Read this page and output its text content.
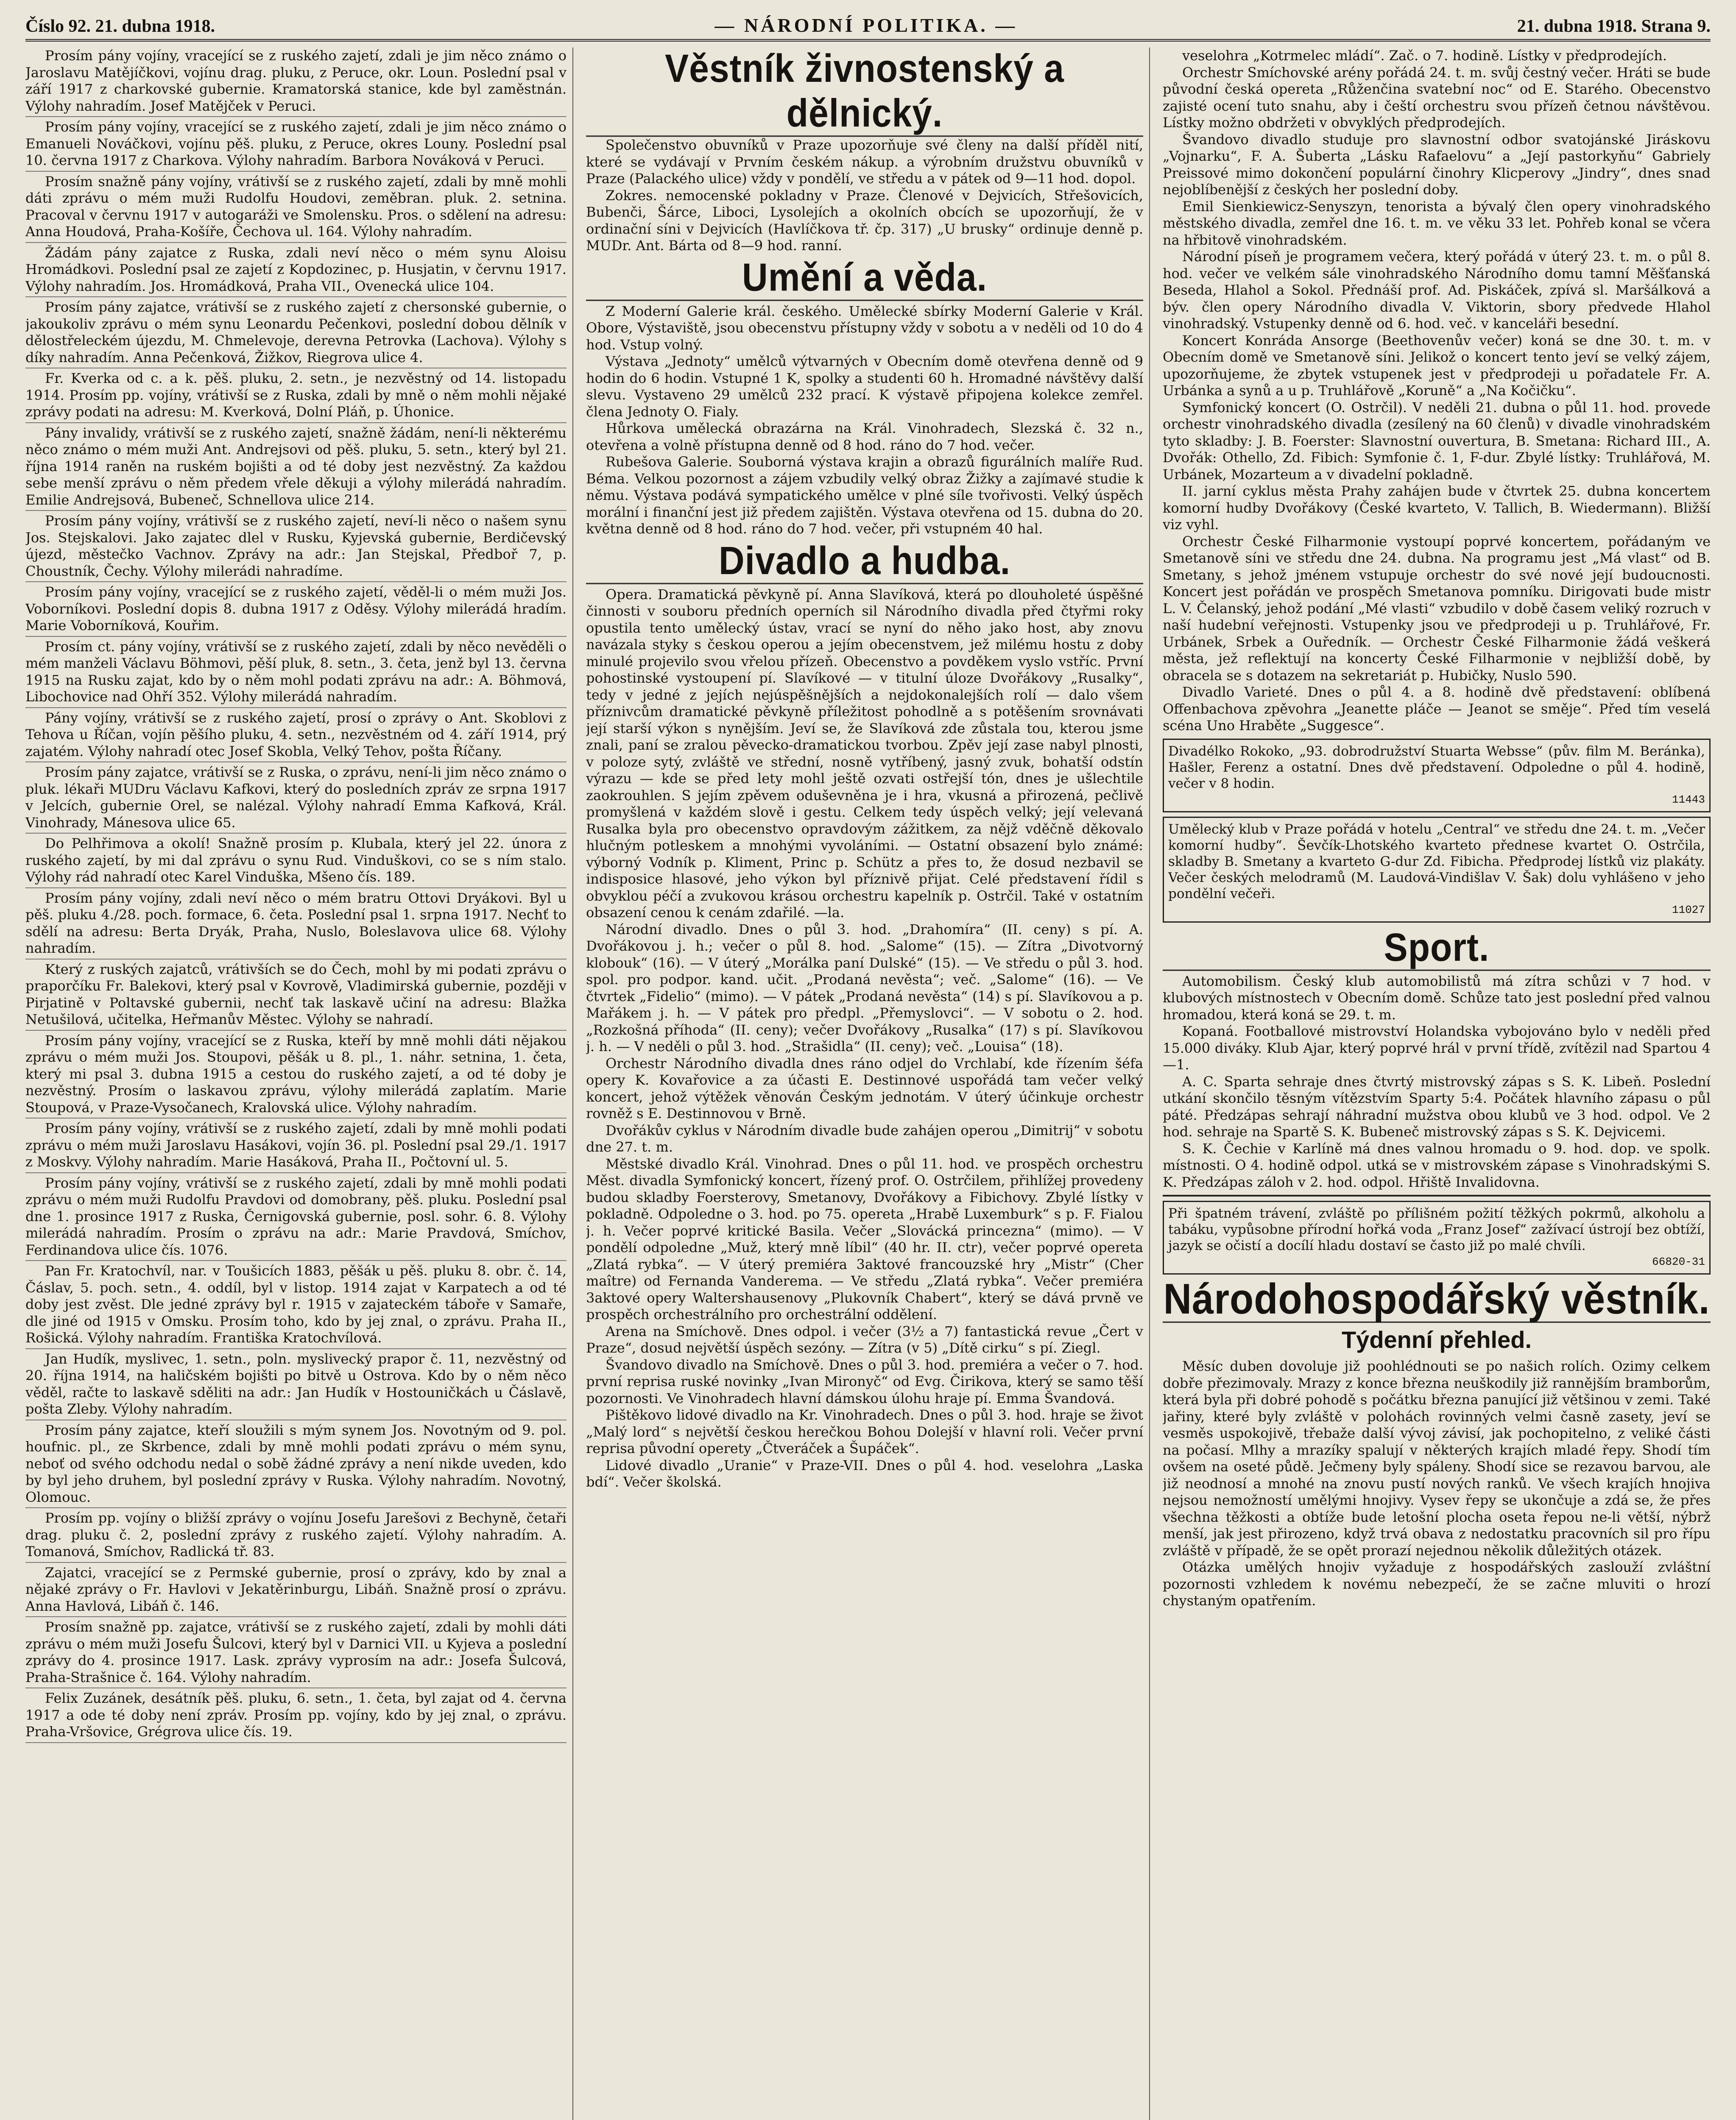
Číslo 92. 21. dubna 1918.	— NÁRODNÍ POLITIKA. —	21. dubna 1918. Strana 9.

Prosím pány vojíny, vracející se z ruského zajetí, zdali je jim něco známo o Jaroslavu Matějíčkovi, vojínu drag. pluku, z Peruce, okr. Loun. Poslední psal v září 1917 z charkovské gubernie. Kramatorská stanice, kde byl zaměstnán. Výlohy nahradím. Josef Matějček v Peruci.

Prosím pány vojíny, vracející se z ruského zajetí, zdali je jim něco známo o Emanueli Nováčkovi, vojínu pěš. pluku, z Peruce, okres Louny. Poslední psal 10. června 1917 z Charkova. Výlohy nahradím. Barbora Nováková v Peruci.

Prosím snažně pány vojíny, vrátivší se z ruského zajetí, zdali by mně mohli dáti zprávu o mém muži Rudolfu Houdovi, zeměbran. pluk. 2. setnina. Pracoval v červnu 1917 v autogaráži ve Smolensku. Pros. o sdělení na adresu: Anna Houdová, Praha-Košíře, Čechova ul. 164. Výlohy nahradím.

Žádám pány zajatce z Ruska, zdali neví něco o mém synu Aloisu Hromádkovi. Poslední psal ze zajetí z Kopdozinec, p. Husjatin, v červnu 1917. Výlohy nahradím. Jos. Hromádková, Praha VII., Ovenecká ulice 104.

Prosím pány zajatce, vrátivší se z ruského zajetí z chersonské gubernie, o jakoukoliv zprávu o mém synu Leonardu Pečenkovi, poslední dobou dělník v dělostřeleckém újezdu, M. Chmelevoje, derevna Petrovka (Lachova). Výlohy s díky nahradím. Anna Pečenková, Žižkov, Riegrova ulice 4.

Fr. Kverka od c. a k. pěš. pluku, 2. setn., je nezvěstný od 14. listopadu 1914. Prosím pp. vojíny, vrátivší se z Ruska, zdali by mně o něm mohli nějaké zprávy podati na adresu: M. Kverková, Dolní Pláň, p. Úhonice.

Pány invalidy, vrátivší se z ruského zajetí, snažně žádám, není-li některému něco známo o mém muži Ant. Andrejsovi od pěš. pluku, 5. setn., který byl 21. října 1914 raněn na ruském bojišti a od té doby jest nezvěstný. Za každou sebe menší zprávu o něm předem vřele děkuji a výlohy milerádá nahradím. Emilie Andrejsová, Bubeneč, Schnellova ulice 214.

Prosím pány vojíny, vrátivší se z ruského zajetí, neví-li něco o našem synu Jos. Stejskalovi. Jako zajatec dlel v Rusku, Kyjevská gubernie, Berdičevský újezd, městečko Vachnov. Zprávy na adr.: Jan Stejskal, Předboř 7, p. Choustník, Čechy. Výlohy milerádi nahradíme.

Prosím pány vojíny, vracející se z ruského zajetí, věděl-li o mém muži Jos. Voborníkovi. Poslední dopis 8. dubna 1917 z Oděsy. Výlohy milerádá hradím. Marie Voborníková, Kouřim.

Prosím ct. pány vojíny, vrátivší se z ruského zajetí, zdali by něco nevěděli o mém manželi Václavu Böhmovi, pěší pluk, 8. setn., 3. četa, jenž byl 13. června 1915 na Rusku zajat, kdo by o něm mohl podati zprávu na adr.: A. Böhmová, Libochovice nad Ohří 352. Výlohy milerádá nahradím.

Pány vojíny, vrátivší se z ruského zajetí, prosí o zprávy o Ant. Skoblovi z Tehova u Říčan, vojín pěšího pluku, 4. setn., nezvěstném od 4. září 1914, prý zajatém. Výlohy nahradí otec Josef Skobla, Velký Tehov, pošta Říčany.

Prosím pány zajatce, vrátivší se z Ruska, o zprávu, není-li jim něco známo o pluk. lékaři MUDru Václavu Kafkovi, který do posledních zpráv ze srpna 1917 v Jelcích, gubernie Orel, se nalézal. Výlohy nahradí Emma Kafková, Král. Vinohrady, Mánesova ulice 65.

Do Pelhřimova a okolí! Snažně prosím p. Klubala, který jel 22. února z ruského zajetí, by mi dal zprávu o synu Rud. Vinduškovi, co se s ním stalo. Výlohy rád nahradí otec Karel Vinduška, Mšeno čís. 189.

Prosím pány vojíny, zdali neví něco o mém bratru Ottovi Dryákovi. Byl u pěš. pluku 4./28. poch. formace, 6. četa. Poslední psal 1. srpna 1917. Nechť to sdělí na adresu: Berta Dryák, Praha, Nuslo, Boleslavova ulice 68. Výlohy nahradím.

Který z ruských zajatců, vrátivších se do Čech, mohl by mi podati zprávu o praporčíku Fr. Balekovi, který psal v Kovrově, Vladimirská gubernie, později v Pirjatině v Poltavské gubernii, nechť tak laskavě učiní na adresu: Blažka Netušilová, učitelka, Heřmanův Městec. Výlohy se nahradí.

Prosím pány vojíny, vracející se z Ruska, kteří by mně mohli dáti nějakou zprávu o mém muži Jos. Stoupovi, pěšák u 8. pl., 1. náhr. setnina, 1. četa, který mi psal 3. dubna 1915 a cestou do ruského zajetí, a od té doby je nezvěstný. Prosím o laskavou zprávu, výlohy milerádá zaplatím. Marie Stoupová, v Praze-Vysočanech, Kralovská ulice. Výlohy nahradím.

Prosím pány vojíny, vrátivší se z ruského zajetí, zdali by mně mohli podati zprávu o mém muži Jaroslavu Hasákovi, vojín 36. pl. Poslední psal 29./1. 1917 z Moskvy. Výlohy nahradím. Marie Hasáková, Praha II., Počtovní ul. 5.

Prosím pány vojíny, vrátivší se z ruského zajetí, zdali by mně mohli podati zprávu o mém muži Rudolfu Pravdovi od domobrany, pěš. pluku. Poslední psal dne 1. prosince 1917 z Ruska, Černigovská gubernie, posl. sohr. 6. 8. Výlohy milerádá nahradím. Prosím o zprávu na adr.: Marie Pravdová, Smíchov, Ferdinandova ulice čís. 1076.

Pan Fr. Kratochvíl, nar. v Toušicích 1883, pěšák u pěš. pluku 8. obr. č. 14, Čáslav, 5. poch. setn., 4. oddíl, byl v listop. 1914 zajat v Karpatech a od té doby jest zvěst. Dle jedné zprávy byl r. 1915 v zajateckém táboře v Samaře, dle jiné od 1915 v Omsku. Prosím toho, kdo by jej znal, o zprávu. Praha II., Rošická. Výlohy nahradím. Františka Kratochvílová.

Jan Hudík, myslivec, 1. setn., poln. myslivecký prapor č. 11, nezvěstný od 20. října 1914, na haličském bojišti po bitvě u Ostrova. Kdo by o něm něco věděl, račte to laskavě sděliti na adr.: Jan Hudík v Hostouničkách u Čáslavě, pošta Zleby. Výlohy nahradím.

Prosím pány zajatce, kteří sloužili s mým synem Jos. Novotným od 9. pol. houfnic. pl., ze Skrbence, zdali by mně mohli podati zprávu o mém synu, neboť od svého odchodu nedal o sobě žádné zprávy a není nikde uveden, kdo by byl jeho druhem, byl poslední zprávy v Ruska. Výlohy nahradím. Novotný, Olomouc.

Prosím pp. vojíny o bližší zprávy o vojínu Josefu Jarešovi z Bechyně, četaři drag. pluku č. 2, poslední zprávy z ruského zajetí. Výlohy nahradím. A. Tomanová, Smíchov, Radlická tř. 83.

Zajatci, vracející se z Permské gubernie, prosí o zprávy, kdo by znal a nějaké zprávy o Fr. Havlovi v Jekatěrinburgu, Libáň. Snažně prosí o zprávu. Anna Havlová, Libáň č. 146.

Prosím snažně pp. zajatce, vrátivší se z ruského zajetí, zdali by mohli dáti zprávu o mém muži Josefu Šulcovi, který byl v Darnici VII. u Kyjeva a poslední zprávy do 4. prosince 1917. Lask. zprávy vyprosím na adr.: Josefa Šulcová, Praha-Strašnice č. 164. Výlohy nahradím.

Felix Zuzánek, desátník pěš. pluku, 6. setn., 1. četa, byl zajat od 4. června 1917 a ode té doby není zpráv. Prosím pp. vojíny, kdo by jej znal, o zprávu. Praha-Vršovice, Grégrova ulice čís. 19.

Věstník živnostenský a dělnický.

Společenstvo obuvníků v Praze upozorňuje své členy na další příděl nití, které se vydávají v Prvním českém nákup. a výrobním družstvu obuvníků v Praze (Palackého ulice) vždy v pondělí, ve středu a v pátek od 9—11 hod. dopol.

Zokres. nemocenské pokladny v Praze. Členové v Dejvicích, Střešovicích, Bubenči, Šárce, Liboci, Lysolejích a okolních obcích se upozorňují, že v ordinační síni v Dejvicích (Havlíčkova tř. čp. 317) „U brusky“ ordinuje denně p. MUDr. Ant. Bárta od 8—9 hod. ranní.

Umění a věda.

Z Moderní Galerie král. českého. Umělecké sbírky Moderní Galerie v Král. Obore, Výstaviště, jsou obecenstvu přístupny vždy v sobotu a v neděli od 10 do 4 hod. Vstup volný.

Výstava „Jednoty“ umělců výtvarných v Obecním domě otevřena denně od 9 hodin do 6 hodin. Vstupné 1 K, spolky a studenti 60 h. Hromadné návštěvy další slevu. Vystaveno 29 umělců 232 prací. K výstavě připojena kolekce zemřel. člena Jednoty O. Fialy.

Hůrkova umělecká obrazárna na Král. Vinohradech, Slezská č. 32 n., otevřena a volně přístupna denně od 8 hod. ráno do 7 hod. večer.

Rubešova Galerie. Souborná výstava krajin a obrazů figurálních malíře Rud. Béma. Velkou pozornost a zájem vzbudily velký obraz Žižky a zajímavé studie k němu. Výstava podává sympatického umělce v plné síle tvořivosti. Velký úspěch morální i finanční jest již předem zajištěn. Výstava otevřena od 15. dubna do 20. května denně od 8 hod. ráno do 7 hod. večer, při vstupném 40 hal.

Divadlo a hudba.

Opera. Dramatická pěvkyně pí. Anna Slavíková, která po dlouholeté úspěšné činnosti v souboru předních operních sil Národního divadla před čtyřmi roky opustila tento umělecký ústav, vrací se nyní do něho jako host, aby znovu navázala styky s českou operou a jejím obecenstvem, jež milému hostu z doby minulé projevilo svou vřelou přízeň. Obecenstvo a povděkem vyslo vstříc. První pohostinské vystoupení pí. Slavíkové — v titulní úloze Dvořákovy „Rusalky“, tedy v jedné z jejích nejúspěšnějších a nejdokonalejších rolí — dalo všem příznivcům dramatické pěvkyně příležitost pohodlně a s potěšením srovnávati její starší výkon s nynějším. Jeví se, že Slavíková zde zůstala tou, kterou jsme znali, paní se zralou pěvecko-dramatickou tvorbou. Zpěv její zase nabyl plnosti, v poloze sytý, zvláště ve střední, nosně vytříbený, jasný zvuk, bohatší odstín výrazu — kde se před lety mohl ještě ozvati ostřejší tón, dnes je ušlechtile zaokrouhlen. S jejím zpěvem oduševněna je i hra, vkusná a přirozená, pečlivě promyšlená v každém slově i gestu. Celkem tedy úspěch velký; její velevaná Rusalka byla pro obecenstvo opravdovým zážitkem, za nějž vděčně děkovalo hlučným potleskem a mnohými vyvoláními. — Ostatní obsazení bylo známé: výborný Vodník p. Kliment, Princ p. Schütz a přes to, že dosud nezbavil se indisposice hlasové, jeho výkon byl příznivě přijat. Celé představení řídil s obvyklou péčí a zvukovou krásou orchestru kapelník p. Ostrčil. Také v ostatním obsazení cenou k cenám zdařilé. —la.

Národní divadlo. Dnes o půl 3. hod. „Drahomíra“ (II. ceny) s pí. A. Dvořákovou j. h.; večer o půl 8. hod. „Salome“ (15). — Zítra „Divotvorný klobouk“ (16). — V úterý „Morálka paní Dulské“ (15). — Ve středu o půl 3. hod. spol. pro podpor. kand. učit. „Prodaná nevěsta“; več. „Salome“ (16). — Ve čtvrtek „Fidelio“ (mimo). — V pátek „Prodaná nevěsta“ (14) s pí. Slavíkovou a p. Mařákem j. h. — V pátek pro předpl. „Přemyslovci“. — V sobotu o 2. hod. „Rozkošná příhoda“ (II. ceny); večer Dvořákovy „Rusalka“ (17) s pí. Slavíkovou j. h. — V neděli o půl 3. hod. „Strašidla“ (II. ceny); več. „Louisa“ (18).

Orchestr Národního divadla dnes ráno odjel do Vrchlabí, kde řízením šéfa opery K. Kovařovice a za účasti E. Destinnové uspořádá tam večer velký koncert, jehož výtěžek věnován Českým jednotám. V úterý účinkuje orchestr rovněž s E. Destinnovou v Brně.

Dvořákův cyklus v Národním divadle bude zahájen operou „Dimitrij“ v sobotu dne 27. t. m.

Městské divadlo Král. Vinohrad. Dnes o půl 11. hod. ve prospěch orchestru Měst. divadla Symfonický koncert, řízený prof. O. Ostrčilem, přihlížej provedeny budou skladby Foersterovy, Smetanovy, Dvořákovy a Fibichovy. Zbylé lístky v pokladně. Odpoledne o 3. hod. po 75. opereta „Hrabě Luxemburk“ s p. F. Fialou j. h. Večer poprvé kritické Basila. Večer „Slovácká princezna“ (mimo). — V pondělí odpoledne „Muž, který mně líbil“ (40 hr. II. ctr), večer poprvé opereta „Zlatá rybka“. — V úterý premiéra 3aktové francouzské hry „Mistr“ (Cher maître) od Fernanda Vanderema. — Ve středu „Zlatá rybka“. Večer premiéra 3aktové opery Waltershausenovy „Plukovník Chabert“, který se dává prvně ve prospěch orchestrálního pro orchestrální oddělení.

Arena na Smíchově. Dnes odpol. i večer (3½ a 7) fantastická revue „Čert v Praze“, dosud největší úspěch sezóny. — Zítra (v 5) „Dítě cirku“ s pí. Ziegl.

Švandovo divadlo na Smíchově. Dnes o půl 3. hod. premiéra a večer o 7. hod. první reprisa ruské novinky „Ivan Mironyč“ od Evg. Čirikova, který se samo těší pozornosti. Ve Vinohradech hlavní dámskou úlohu hraje pí. Emma Švandová.

Pištěkovo lidové divadlo na Kr. Vinohradech. Dnes o půl 3. hod. hraje se život „Malý lord“ s největší českou herečkou Bohou Dolejší v hlavní roli. Večer první reprisa původní operety „Čtveráček a Šupáček“.

Lidové divadlo „Uranie“ v Praze-VII. Dnes o půl 4. hod. veselohra „Laska bdí“. Večer školská.

veselohra „Kotrmelec mládí“. Zač. o 7. hodině. Lístky v předprodejích.

Orchestr Smíchovské arény pořádá 24. t. m. svůj čestný večer. Hráti se bude původní česká opereta „Růženčina svatební noc“ od E. Starého. Obecenstvo zajisté ocení tuto snahu, aby i čeští orchestru svou přízeň četnou návštěvou. Lístky možno obdržeti v obvyklých předprodejích.

Švandovo divadlo studuje pro slavnostní odbor svatojánské Jiráskovu „Vojnarku“, F. A. Šuberta „Lásku Rafaelovu“ a „Její pastorkyňu“ Gabriely Preissové mimo dokončení populární činohry Klicperovy „Jindry“, dnes snad nejoblíbenější z českých her poslední doby.

Emil Sienkiewicz-Senyszyn, tenorista a bývalý člen opery vinohradského městského divadla, zemřel dne 16. t. m. ve věku 33 let. Pohřeb konal se včera na hřbitově vinohradském.

Národní píseň je programem večera, který pořádá v úterý 23. t. m. o půl 8. hod. večer ve velkém sále vinohradského Národního domu tamní Měšťanská Beseda, Hlahol a Sokol. Přednáší prof. Ad. Piskáček, zpívá sl. Maršálková a býv. člen opery Národního divadla V. Viktorin, sbory předvede Hlahol vinohradský. Vstupenky denně od 6. hod. več. v kanceláři besední.

Koncert Konráda Ansorge (Beethovenův večer) koná se dne 30. t. m. v Obecním domě ve Smetanově síni. Jelikož o koncert tento jeví se velký zájem, upozorňujeme, že zbytek vstupenek jest v předprodeji u pořadatele Fr. A. Urbánka a synů a u p. Truhlářově „Koruně“ a „Na Kočičku“.

Symfonický koncert (O. Ostrčil). V neděli 21. dubna o půl 11. hod. provede orchestr vinohradského divadla (zesílený na 60 členů) v divadle vinohradském tyto skladby: J. B. Foerster: Slavnostní ouvertura, B. Smetana: Richard III., A. Dvořák: Othello, Zd. Fibich: Symfonie č. 1, F-dur. Zbylé lístky: Truhlářová, M. Urbánek, Mozarteum a v divadelní pokladně.

II. jarní cyklus města Prahy zahájen bude v čtvrtek 25. dubna koncertem komorní hudby Dvořákovy (České kvarteto, V. Tallich, B. Wiedermann). Bližší viz vyhl.

Orchestr České Filharmonie vystoupí poprvé koncertem, pořádaným ve Smetanově síni ve středu dne 24. dubna. Na programu jest „Má vlast“ od B. Smetany, s jehož jménem vstupuje orchestr do své nové její budoucnosti. Koncert jest pořádán ve prospěch Smetanova pomníku. Dirigovati bude mistr L. V. Čelanský, jehož podání „Mé vlasti“ vzbudilo v době časem veliký rozruch v naší hudební veřejnosti. Vstupenky jsou ve předprodeji u p. Truhlářové, Fr. Urbánek, Srbek a Ouředník. — Orchestr České Filharmonie žádá veškerá města, jež reflektují na koncerty České Filharmonie v nejbližší době, by obracela se s dotazem na sekretariát p. Hubičky, Nuslo 590.

Divadlo Varieté. Dnes o půl 4. a 8. hodině dvě představení: oblíbená Offenbachova zpěvohra „Jeanette pláče — Jeanot se směje“. Před tím veselá scéna Uno Hraběte „Suggesce“.

Divadélko Rokoko, „93. dobrodružství Stuarta Websse“ (pův. film M. Beránka), Hašler, Ferenz a ostatní. Dnes dvě představení. Odpoledne o půl 4. hodině, večer v 8 hodin.
11443
Umělecký klub v Praze pořádá v hotelu „Central“ ve středu dne 24. t. m. „Večer komorní hudby“. Ševčík-Lhotského kvarteto přednese kvartet O. Ostrčila, skladby B. Smetany a kvarteto G-dur Zd. Fibicha. Předprodej lístků viz plakáty. Večer českých melodramů (M. Laudová-Vindišlav V. Šak) dolu vyhlášeno v jeho pondělní večeři.
11027
Sport.

Automobilism. Český klub automobilistů má zítra schůzi v 7 hod. v klubových místnostech v Obecním domě. Schůze tato jest poslední před valnou hromadou, která koná se 29. t. m.

Kopaná. Footballové mistrovství Holandska vybojováno bylo v neděli před 15.000 diváky. Klub Ajar, který poprvé hrál v první třídě, zvítězil nad Spartou 4—1.

A. C. Sparta sehraje dnes čtvrtý mistrovský zápas s S. K. Libeň. Poslední utkání skončilo těsným vítězstvím Sparty 5:4. Počátek hlavního zápasu o půl páté. Předzápas sehrají náhradní mužstva obou klubů ve 3 hod. odpol. Ve 2 hod. sehraje na Spartě S. K. Bubeneč mistrovský zápas s S. K. Dejvicemi.

S. K. Čechie v Karlíně má dnes valnou hromadu o 9. hod. dop. ve spolk. místnosti. O 4. hodině odpol. utká se v mistrovském zápase s Vinohradskými S. K. Předzápas záloh v 2. hod. odpol. Hřiště Invalidovna.

Při špatném trávení, zvláště po přílišném požití těžkých pokrmů, alkoholu a tabáku, vypůsobne přírodní hořká voda „Franz Josef“ zažívací ústrojí bez obtíží, jazyk se očistí a docílí hladu dostaví se často již po malé chvíli.
66820-31
Národohospodářský věstník.
Týdenní přehled.

Měsíc duben dovoluje již poohlédnouti se po našich rolích. Ozimy celkem dobře přezimovaly. Mrazy z konce března neuškodily již rannějším bramborům, která byla při dobré pohodě s počátku března panující již většinou v zemi. Také jařiny, které byly zvláště v polohách rovinných velmi časně zasety, jeví se vesměs uspokojivě, třebaže další vývoj závisí, jak pochopitelno, z veliké části na počasí. Mlhy a mrazíky spalují v některých krajích mladé řepy. Shodí tím ovšem na oseté půdě. Ječmeny byly spáleny. Shodí sice se rezavou barvou, ale již neodnosí a mnohé na znovu pustí nových ranků. Ve všech krajích hnojiva nejsou nemožností umělými hnojivy. Vysev řepy se ukončuje a zdá se, že přes všechna těžkosti a obtíže bude letošní plocha oseta řepou ne-li větší, nýbrž menší, jak jest přirozeno, když trvá obava z nedostatku pracovních sil pro řípu zvláště v případě, že se opět prorazí nejednou několik důležitých otázek.

Otázka umělých hnojiv vyžaduje z hospodářských zaslouží zvláštní pozornosti vzhledem k novému nebezpečí, že se začne mluviti o hrozí chystaným opatřením.
